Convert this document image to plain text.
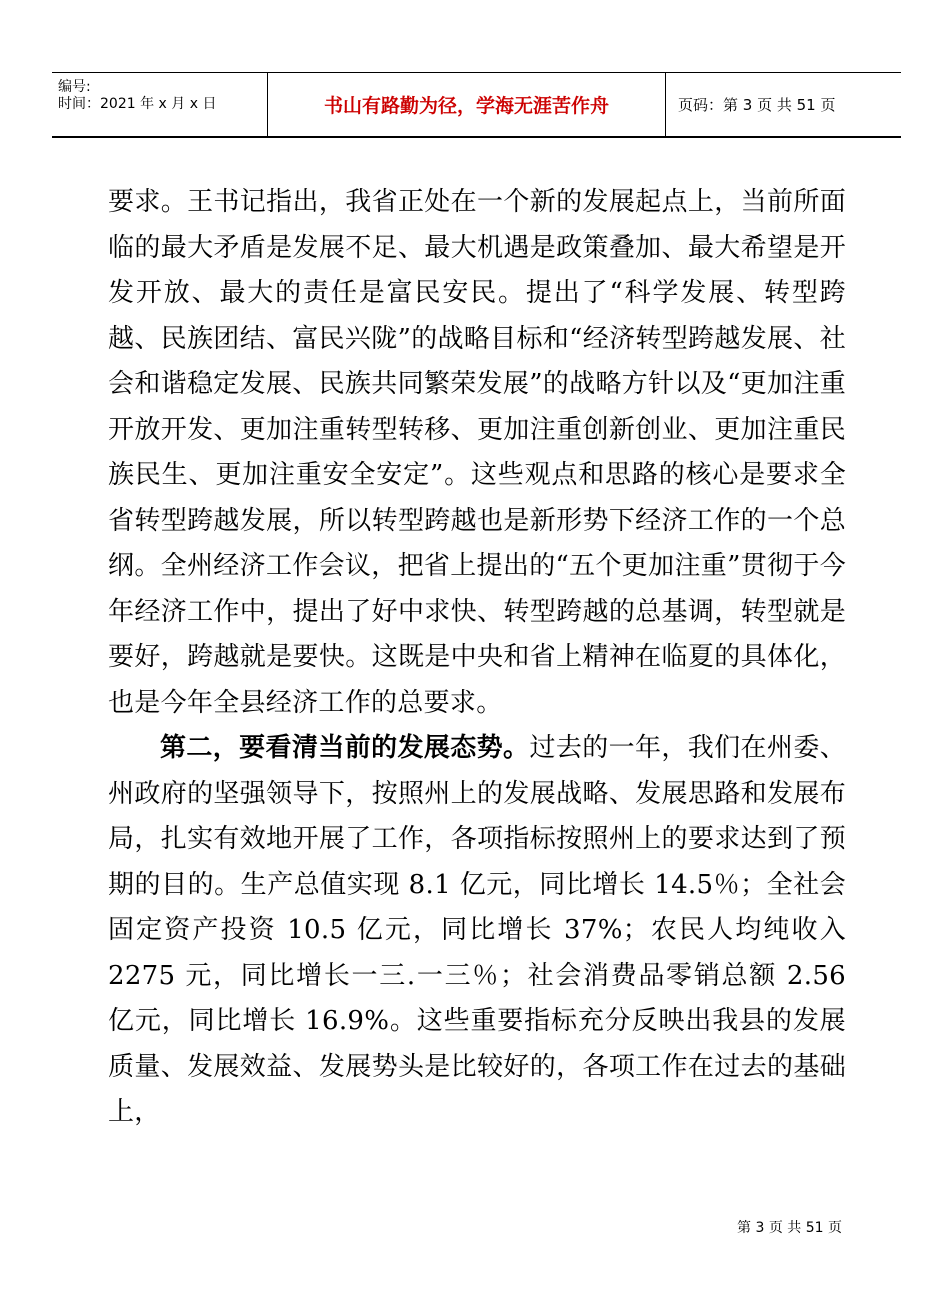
编号:
时间：2021 年 x 月 x 日	书山有路勤为径，学海无涯苦作舟	页码：第 3 页 共 51 页

要求。王书记指出，我省正处在一个新的发展起点上，当前所面临的最大矛盾是发展不足、最大机遇是政策叠加、最大希望是开发开放、最大的责任是富民安民。提出了“科学发展、转型跨越、民族团结、富民兴陇”的战略目标和“经济转型跨越发展、社会和谐稳定发展、民族共同繁荣发展”的战略方针以及“更加注重开放开发、更加注重转型转移、更加注重创新创业、更加注重民族民生、更加注重安全安定”。这些观点和思路的核心是要求全省转型跨越发展，所以转型跨越也是新形势下经济工作的一个总纲。全州经济工作会议，把省上提出的“五个更加注重”贯彻于今年经济工作中，提出了好中求快、转型跨越的总基调，转型就是要好，跨越就是要快。这既是中央和省上精神在临夏的具体化，也是今年全县经济工作的总要求。

第二，要看清当前的发展态势。过去的一年，我们在州委、州政府的坚强领导下，按照州上的发展战略、发展思路和发展布局，扎实有效地开展了工作，各项指标按照州上的要求达到了预期的目的。生产总值实现 8.1 亿元，同比增长 14.5％；全社会固定资产投资 10.5 亿元，同比增长 37%；农民人均纯收入 2275 元，同比增长一三.一三％；社会消费品零销总额 2.56 亿元，同比增长 16.9%。这些重要指标充分反映出我县的发展质量、发展效益、发展势头是比较好的，各项工作在过去的基础上，

第 3 页 共 51 页
